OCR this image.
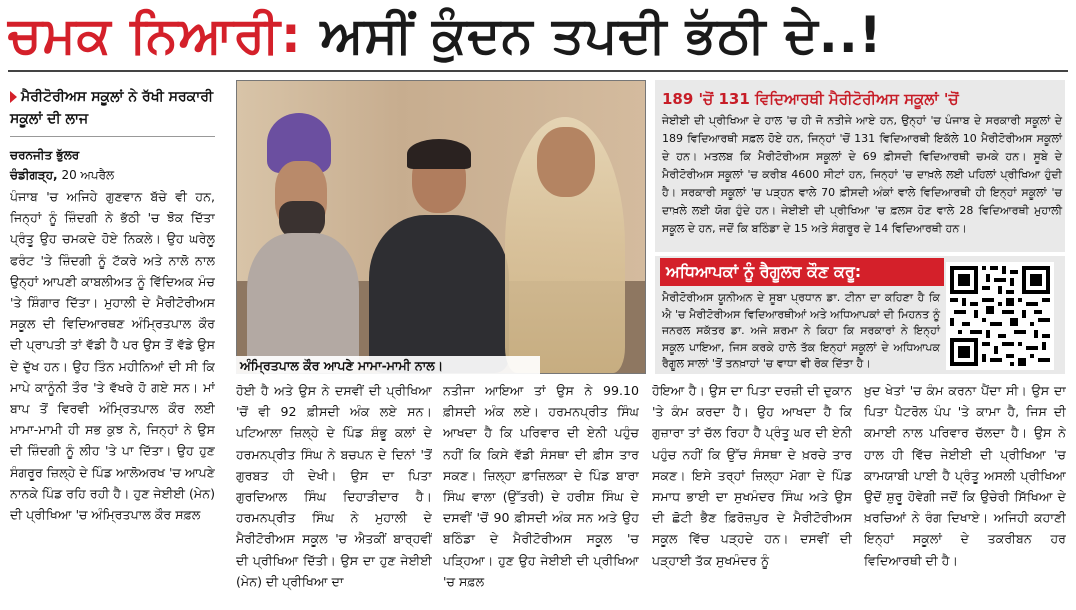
ਚਮਕ ਨਿਆਰੀ: ਅਸੀਂ ਕੁੰਦਨ ਤਪਦੀ ਭੱਠੀ ਦੇ..!
ਮੈਰੀਟੋਰੀਅਸ ਸਕੂਲਾਂ ਨੇ ਰੱਖੀ ਸਰਕਾਰੀ ਸਕੂਲਾਂ ਦੀ ਲਾਜ
ਚਰਨਜੀਤ ਭੁੱਲਰ
ਚੰਡੀਗੜ੍ਹ, 20 ਅਪਰੈਲ

ਪੰਜਾਬ 'ਚ ਅਜਿਹੇ ਗੁਣਵਾਨ ਬੱਚੇ ਵੀ ਹਨ, ਜਿਨ੍ਹਾਂ ਨੂੰ ਜ਼ਿੰਦਗੀ ਨੇ ਭੱਠੀ 'ਚ ਝੋਕ ਦਿੱਤਾ ਪ੍ਰੰਤੂ ਉਹ ਚਮਕਦੇ ਹੋਏ ਨਿਕਲੇ। ਉਹ ਘਰੇਲੂ ਫਰੰਟ 'ਤੇ ਜ਼ਿੰਦਗੀ ਨੂੰ ਟੱਕਰੇ ਅਤੇ ਨਾਲੋ ਨਾਲ ਉਨ੍ਹਾਂ ਆਪਣੀ ਕਾਬਲੀਅਤ ਨੂੰ ਵਿੱਦਿਅਕ ਮੰਚ 'ਤੇ ਸ਼ਿੰਗਾਰ ਦਿੱਤਾ। ਮੁਹਾਲੀ ਦੇ ਮੈਰੀਟੋਰੀਅਸ ਸਕੂਲ ਦੀ ਵਿਦਿਆਰਥਣ ਅੰਮ੍ਰਿਤਪਾਲ ਕੌਰ ਦੀ ਪ੍ਰਾਪਤੀ ਤਾਂ ਵੱਡੀ ਹੈ ਪਰ ਉਸ ਤੋਂ ਵੱਡੇ ਉਸ ਦੇ ਦੁੱਖ ਹਨ। ਉਹ ਤਿੰਨ ਮਹੀਨਿਆਂ ਦੀ ਸੀ ਕਿ ਮਾਪੇ ਕਾਨੂੰਨੀ ਤੌਰ 'ਤੇ ਵੱਖਰੇ ਹੋ ਗਏ ਸਨ। ਮਾਂ ਬਾਪ ਤੋਂ ਵਿਰਵੀ ਅੰਮ੍ਰਿਤਪਾਲ ਕੌਰ ਲਈ ਮਾਮਾ-ਮਾਮੀ ਹੀ ਸਭ ਕੁਝ ਨੇ, ਜਿਨ੍ਹਾਂ ਨੇ ਉਸ ਦੀ ਜ਼ਿੰਦਗੀ ਨੂੰ ਲੀਹ 'ਤੇ ਪਾ ਦਿੱਤਾ। ਉਹ ਹੁਣ ਸੰਗਰੂਰ ਜ਼ਿਲ੍ਹੇ ਦੇ ਪਿੰਡ ਆਲੋਅਰਖ 'ਚ ਆਪਣੇ ਨਾਨਕੇ ਪਿੰਡ ਰਹਿ ਰਹੀ ਹੈ। ਹੁਣ ਜੇਈਈ (ਮੇਨ) ਦੀ ਪ੍ਰੀਖਿਆ 'ਚ ਅੰਮ੍ਰਿਤਪਾਲ ਕੌਰ ਸਫ਼ਲ

ਅੰਮ੍ਰਿਤਪਾਲ ਕੌਰ ਆਪਣੇ ਮਾਮਾ-ਮਾਮੀ ਨਾਲ।

ਹੋਈ ਹੈ ਅਤੇ ਉਸ ਨੇ ਦਸਵੀਂ ਦੀ ਪ੍ਰੀਖਿਆ 'ਚੋਂ ਵੀ 92 ਫ਼ੀਸਦੀ ਅੰਕ ਲਏ ਸਨ। ਪਟਿਆਲਾ ਜ਼ਿਲ੍ਹੇ ਦੇ ਪਿੰਡ ਸ਼ੰਭੂ ਕਲਾਂ ਦੇ ਹਰਮਨਪ੍ਰੀਤ ਸਿੰਘ ਨੇ ਬਚਪਨ ਦੇ ਦਿਨਾਂ 'ਤੋਂ ਗੁਰਬਤ ਹੀ ਦੇਖੀ। ਉਸ ਦਾ ਪਿਤਾ ਗੁਰਦਿਆਲ ਸਿੰਘ ਦਿਹਾੜੀਦਾਰ ਹੈ। ਹਰਮਨਪ੍ਰੀਤ ਸਿੰਘ ਨੇ ਮੁਹਾਲੀ ਦੇ ਮੈਰੀਟੋਰੀਅਸ ਸਕੂਲ 'ਚ ਐਤਕੀਂ ਬਾਰ੍ਹਵੀਂ ਦੀ ਪ੍ਰੀਖਿਆ ਦਿੱਤੀ। ਉਸ ਦਾ ਹੁਣ ਜੇਈਈ (ਮੇਨ) ਦੀ ਪ੍ਰੀਖਿਆ ਦਾ

ਨਤੀਜਾ ਆਇਆ ਤਾਂ ਉਸ ਨੇ 99.10 ਫ਼ੀਸਦੀ ਅੰਕ ਲਏ। ਹਰਮਨਪ੍ਰੀਤ ਸਿੰਘ ਆਖਦਾ ਹੈ ਕਿ ਪਰਿਵਾਰ ਦੀ ਏਨੀ ਪਹੁੰਚ ਨਹੀਂ ਕਿ ਕਿਸੇ ਵੱਡੀ ਸੰਸਥਾ ਦੀ ਫ਼ੀਸ ਤਾਰ ਸਕਣ। ਜ਼ਿਲ੍ਹਾ ਫ਼ਾਜ਼ਿਲਕਾ ਦੇ ਪਿੰਡ ਬਾਰਾ ਸਿੰਘ ਵਾਲਾ (ਉੱਤਰੀ) ਦੇ ਹਰੀਸ਼ ਸਿੰਘ ਦੇ ਦਸਵੀਂ 'ਚੋਂ 90 ਫ਼ੀਸਦੀ ਅੰਕ ਸਨ ਅਤੇ ਉਹ ਬਠਿੰਡਾ ਦੇ ਮੈਰੀਟੋਰੀਅਸ ਸਕੂਲ 'ਚ ਪੜ੍ਹਿਆ। ਹੁਣ ਉਹ ਜੇਈਈ ਦੀ ਪ੍ਰੀਖਿਆ 'ਚ ਸਫ਼ਲ

ਹੋਇਆ ਹੈ। ਉਸ ਦਾ ਪਿਤਾ ਦਰਜ਼ੀ ਦੀ ਦੁਕਾਨ 'ਤੇ ਕੰਮ ਕਰਦਾ ਹੈ। ਉਹ ਆਖਦਾ ਹੈ ਕਿ ਗੁਜ਼ਾਰਾ ਤਾਂ ਚੱਲ ਰਿਹਾ ਹੈ ਪ੍ਰੰਤੂ ਘਰ ਦੀ ਏਨੀ ਪਹੁੰਚ ਨਹੀਂ ਕਿ ਉੱਚ ਸੰਸਥਾ ਦੇ ਖ਼ਰਚੇ ਤਾਰ ਸਕਣ। ਇਸੇ ਤਰ੍ਹਾਂ ਜ਼ਿਲ੍ਹਾ ਮੋਗਾ ਦੇ ਪਿੰਡ ਸਮਾਧ ਭਾਈ ਦਾ ਸੁਖਮੰਦਰ ਸਿੰਘ ਅਤੇ ਉਸ ਦੀ ਛੋਟੀ ਭੈਣ ਫ਼ਿਰੋਜ਼ਪੁਰ ਦੇ ਮੈਰੀਟੋਰੀਅਸ ਸਕੂਲ ਵਿੱਚ ਪੜ੍ਹਦੇ ਹਨ। ਦਸਵੀਂ ਦੀ ਪੜ੍ਹਾਈ ਤੱਕ ਸੁਖਮੰਦਰ ਨੂੰ

ਖ਼ੁਦ ਖੇਤਾਂ 'ਚ ਕੰਮ ਕਰਨਾ ਪੈਂਦਾ ਸੀ। ਉਸ ਦਾ ਪਿਤਾ ਪੈਟਰੋਲ ਪੰਪ 'ਤੇ ਕਾਮਾ ਹੈ, ਜਿਸ ਦੀ ਕਮਾਈ ਨਾਲ ਪਰਿਵਾਰ ਚੱਲਦਾ ਹੈ। ਉਸ ਨੇ ਹਾਲ ਹੀ ਵਿੱਚ ਜੇਈਈ ਦੀ ਪ੍ਰੀਖਿਆ 'ਚ ਕਾਮਯਾਬੀ ਪਾਈ ਹੈ ਪ੍ਰੰਤੂ ਅਸਲੀ ਪ੍ਰੀਖਿਆ ਉਦੋਂ ਸ਼ੁਰੂ ਹੋਵੇਗੀ ਜਦੋਂ ਕਿ ਉਚੇਰੀ ਸਿੱਖਿਆ ਦੇ ਖ਼ਰਚਿਆਂ ਨੇ ਰੰਗ ਦਿਖਾਏ। ਅਜਿਹੀ ਕਹਾਣੀ ਇਨ੍ਹਾਂ ਸਕੂਲਾਂ ਦੇ ਤਕਰੀਬਨ ਹਰ ਵਿਦਿਆਰਥੀ ਦੀ ਹੈ।

189 'ਚੋਂ 131 ਵਿਦਿਆਰਥੀ ਮੈਰੀਟੋਰੀਅਸ ਸਕੂਲਾਂ 'ਚੋਂ
ਜੇਈਈ ਦੀ ਪ੍ਰੀਖਿਆ ਦੇ ਹਾਲ 'ਚ ਹੀ ਜੋ ਨਤੀਜੇ ਆਏ ਹਨ, ਉਨ੍ਹਾਂ 'ਚ ਪੰਜਾਬ ਦੇ ਸਰਕਾਰੀ ਸਕੂਲਾਂ ਦੇ 189 ਵਿਦਿਆਰਥੀ ਸਫ਼ਲ ਹੋਏ ਹਨ, ਜਿਨ੍ਹਾਂ 'ਚੋਂ 131 ਵਿਦਿਆਰਥੀ ਇਕੱਲੇ 10 ਮੈਰੀਟੋਰੀਅਸ ਸਕੂਲਾਂ ਦੇ ਹਨ। ਮਤਲਬ ਕਿ ਮੈਰੀਟੋਰੀਅਸ ਸਕੂਲਾਂ ਦੇ 69 ਫ਼ੀਸਦੀ ਵਿਦਿਆਰਥੀ ਚਮਕੇ ਹਨ। ਸੂਬੇ ਦੇ ਮੈਰੀਟੋਰੀਅਸ ਸਕੂਲਾਂ 'ਚ ਕਰੀਬ 4600 ਸੀਟਾਂ ਹਨ, ਜਿਨ੍ਹਾਂ 'ਚ ਦਾਖ਼ਲੇ ਲਈ ਪਹਿਲਾਂ ਪ੍ਰੀਖਿਆ ਹੁੰਦੀ ਹੈ। ਸਰਕਾਰੀ ਸਕੂਲਾਂ 'ਚ ਪੜ੍ਹਨ ਵਾਲੇ 70 ਫ਼ੀਸਦੀ ਅੰਕਾਂ ਵਾਲੇ ਵਿਦਿਆਰਥੀ ਹੀ ਇਨ੍ਹਾਂ ਸਕੂਲਾਂ 'ਚ ਦਾਖ਼ਲੇ ਲਈ ਯੋਗ ਹੁੰਦੇ ਹਨ। ਜੇਈਈ ਦੀ ਪ੍ਰੀਖਿਆ 'ਚ ਫ਼ਲਸ ਹੋਣ ਵਾਲੇ 28 ਵਿਦਿਆਰਥੀ ਮੁਹਾਲੀ ਸਕੂਲ ਦੇ ਹਨ, ਜਦੋਂ ਕਿ ਬਠਿੰਡਾ ਦੇ 15 ਅਤੇ ਸੰਗਰੂਰ ਦੇ 14 ਵਿਦਿਆਰਥੀ ਹਨ।
ਅਧਿਆਪਕਾਂ ਨੂੰ ਰੈਗੂਲਰ ਕੌਣ ਕਰੂ:
ਮੈਰੀਟੋਰੀਅਸ ਯੂਨੀਅਨ ਦੇ ਸੂਬਾ ਪ੍ਰਧਾਨ ਡਾ. ਟੀਨਾ ਦਾ ਕਹਿਣਾ ਹੈ ਕਿ ਐ 'ਚ ਮੈਰੀਟੋਰੀਅਸ ਵਿਦਿਆਰਥੀਆਂ ਅਤੇ ਅਧਿਆਪਕਾਂ ਦੀ ਮਿਹਨਤ ਨੂੰ ਜਨਰਲ ਸਕੱਤਰ ਡਾ. ਅਜੇ ਸ਼ਰਮਾ ਨੇ ਕਿਹਾ ਕਿ ਸਰਕਾਰਾਂ ਨੇ ਇਨ੍ਹਾਂ ਸਕੂਲ ਪਾਇਆ, ਜਿਸ ਕਰਕੇ ਹਾਲੇ ਤੱਕ ਇਨ੍ਹਾਂ ਸਕੂਲਾਂ ਦੇ ਅਧਿਆਪਕ ਰੈਗੂਲ ਸਾਲਾਂ 'ਤੋਂ ਤਨਖ਼ਾਹਾਂ 'ਚ ਵਾਧਾ ਵੀ ਰੋਕ ਦਿੱਤਾ ਹੈ।
